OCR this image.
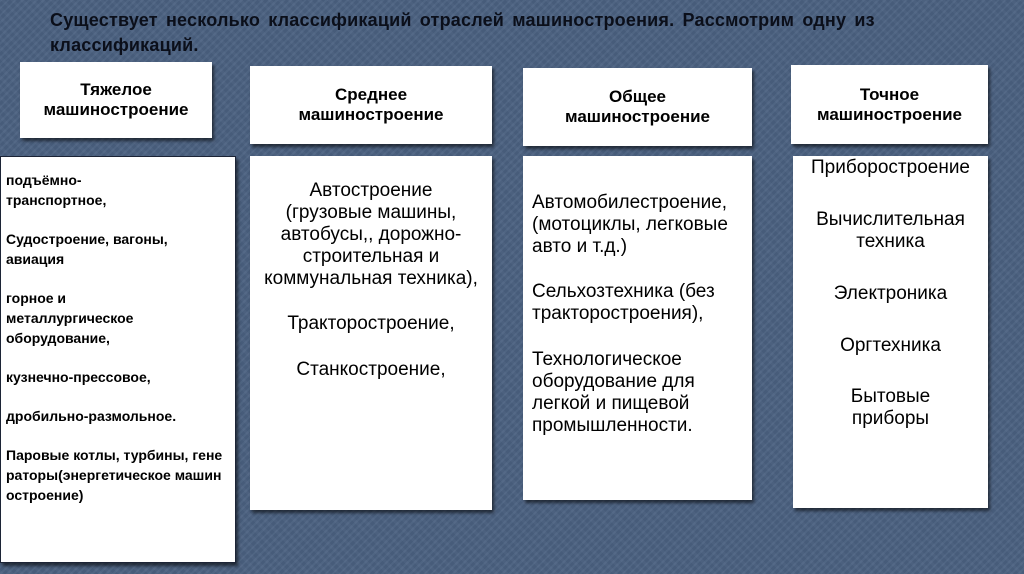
Существует несколько классификаций отраслей машиностроения. Рассмотрим одну из классификаций.
Тяжелое машиностроение
Среднее машиностроение
Общее машиностроение
Точное машиностроение
подъёмно-транспортное,
Судостроение, вагоны, авиация
горное и металлургическое оборудование,
кузнечно-прессовое,
дробильно-размольное.
Паровые котлы, турбины, генераторы(энергетическое машиностроение)
Автостроение (грузовые машины, автобусы,, дорожно-строительная и коммунальная техника),
Тракторостроение,
Станкостроение,
Автомобилестроение, (мотоциклы, легковые авто и т.д.)
Сельхозтехника (без тракторостроения),
Технологическое оборудование для легкой и пищевой промышленности.
Приборостроение
Вычислительная техника
Электроника
Оргтехника
Бытовые приборы
